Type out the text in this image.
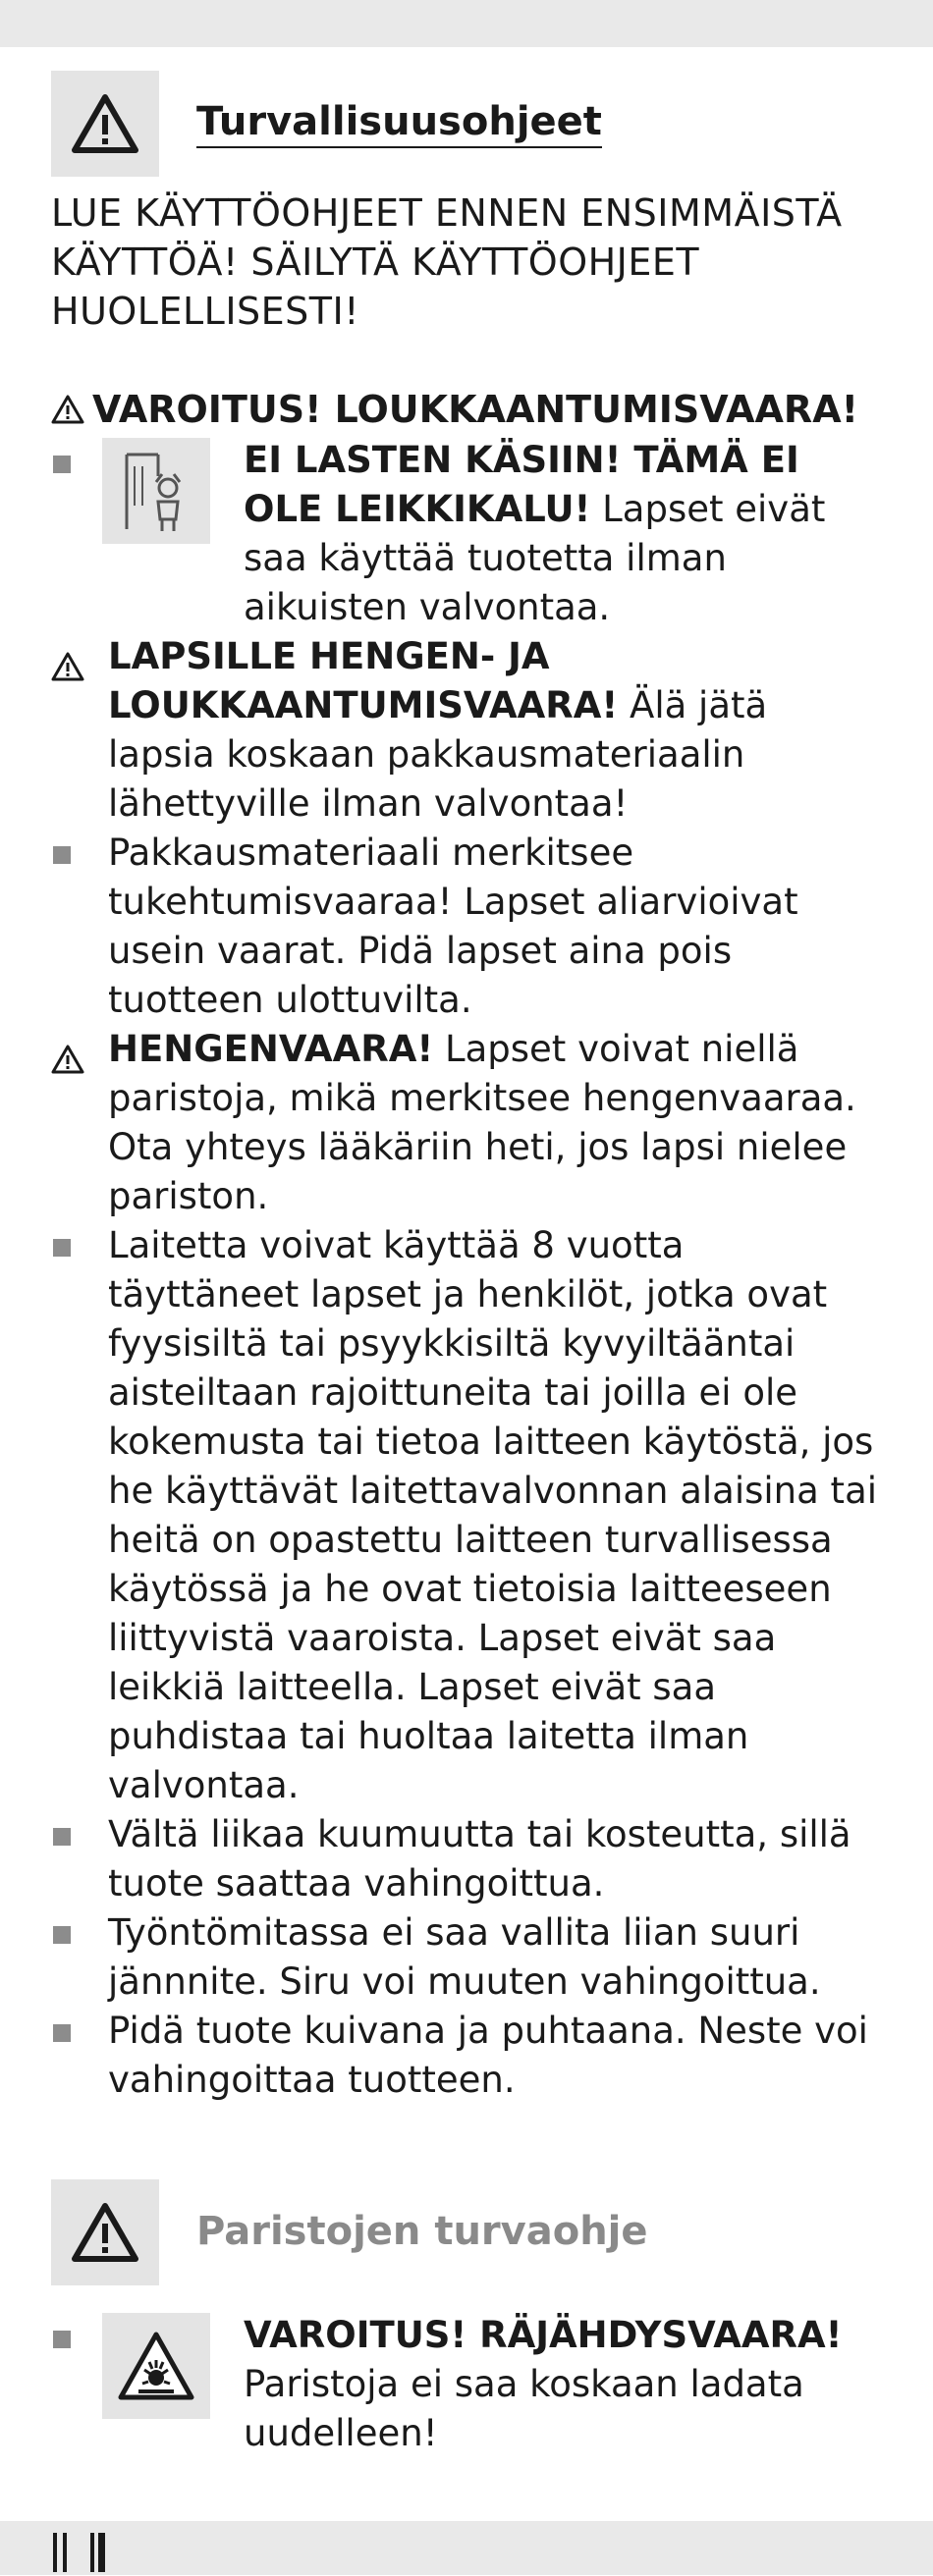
Turvallisuusohjeet
LUE KÄYTTÖOHJEET ENNEN ENSIMMÄISTÄ KÄYTTÖÄ! SÄILYTÄ KÄYTTÖOHJEET HUOLELLISESTI!
VAROITUS! LOUKKAANTUMISVAARA!
EI LASTEN KÄSIIN! TÄMÄ EI OLE LEIKKIKALU! Lapset eivät saa käyttää tuotetta ilman aikuisten valvontaa.
LAPSILLE HENGEN- JA LOUKKAANTUMISVAARA! Älä jätä lapsia koskaan pakkausmateriaalin lähettyville ilman valvontaa!
Pakkausmateriaali merkitsee tukehtumisvaaraa! Lapset aliarvioivat usein vaarat. Pidä lapset aina pois tuotteen ulottuvilta.
HENGENVAARA! Lapset voivat niellä paristoja, mikä merkitsee hengenvaaraa. Ota yhteys lääkäriin heti, jos lapsi nielee pariston.
Laitetta voivat käyttää 8 vuotta täyttäneet lapset ja henkilöt, jotka ovat fyysisiltä tai psyykkisiltä kyvyiltääntai aisteiltaan rajoittuneita tai joilla ei ole kokemusta tai tietoa laitteen käytöstä, jos he käyttävät laitettavalvonnan alaisina tai heitä on opastettu laitteen turvallisessa käytössä ja he ovat tietoisia laitteeseen liittyvistä vaaroista. Lapset eivät saa leikkiä laitteella. Lapset eivät saa puhdistaa tai huoltaa laitetta ilman valvontaa.
Vältä liikaa kuumuutta tai kosteutta, sillä tuote saattaa vahingoittua.
Työntömitassa ei saa vallita liian suuri jännnite. Siru voi muuten vahingoittua.
Pidä tuote kuivana ja puhtaana. Neste voi vahingoittaa tuotteen.
Paristojen turvaohje
VAROITUS! RÄJÄHDYSVAARA! Paristoja ei saa koskaan ladata uudelleen!
